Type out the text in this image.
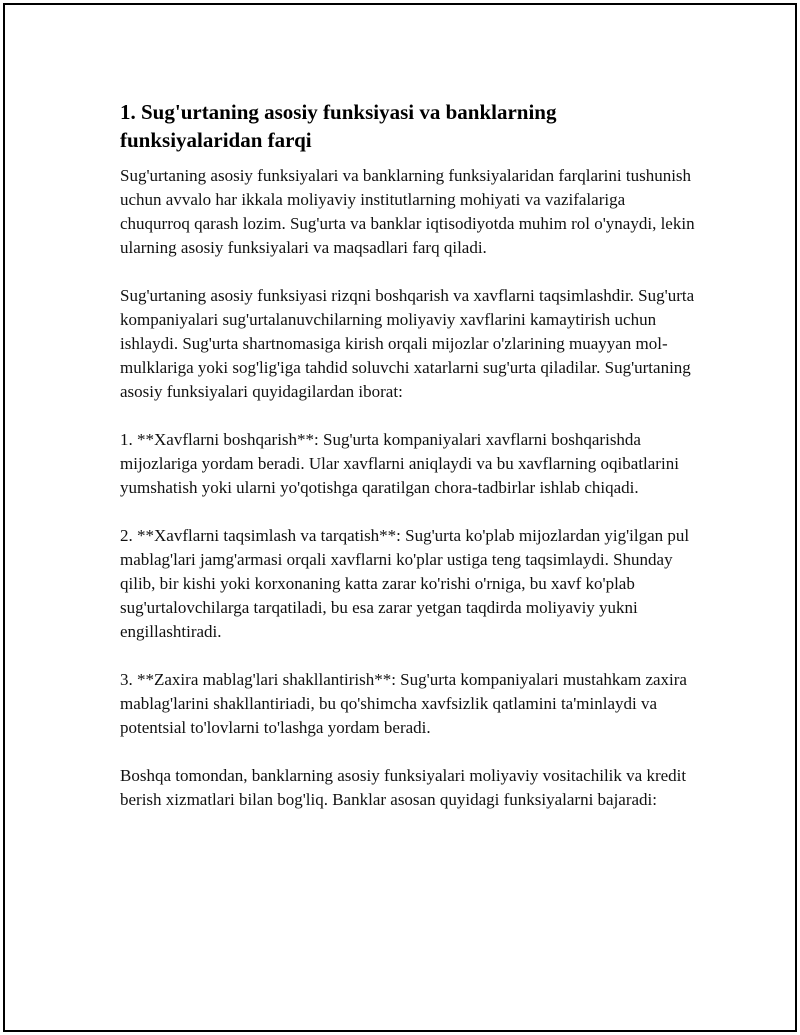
1. Sug'urtaning asosiy funksiyasi va banklarning funksiyalaridan farqi

Sug'urtaning asosiy funksiyalari va banklarning funksiyalaridan farqlarini tushunish uchun avvalo har ikkala moliyaviy institutlarning mohiyati va vazifalariga chuqurroq qarash lozim. Sug'urta va banklar iqtisodiyotda muhim rol o'ynaydi, lekin ularning asosiy funksiyalari va maqsadlari farq qiladi.

Sug'urtaning asosiy funksiyasi rizqni boshqarish va xavflarni taqsimlashdir. Sug'urta kompaniyalari sug'urtalanuvchilarning moliyaviy xavflarini kamaytirish uchun ishlaydi. Sug'urta shartnomasiga kirish orqali mijozlar o'zlarining muayyan mol-mulklariga yoki sog'lig'iga tahdid soluvchi xatarlarni sug'urta qiladilar. Sug'urtaning asosiy funksiyalari quyidagilardan iborat:

1. **Xavflarni boshqarish**: Sug'urta kompaniyalari xavflarni boshqarishda mijozlariga yordam beradi. Ular xavflarni aniqlaydi va bu xavflarning oqibatlarini yumshatish yoki ularni yo'qotishga qaratilgan chora-tadbirlar ishlab chiqadi.

2. **Xavflarni taqsimlash va tarqatish**: Sug'urta ko'plab mijozlardan yig'ilgan pul mablag'lari jamg'armasi orqali xavflarni ko'plar ustiga teng taqsimlaydi. Shunday qilib, bir kishi yoki korxonaning katta zarar ko'rishi o'rniga, bu xavf ko'plab sug'urtalovchilarga tarqatiladi, bu esa zarar yetgan taqdirda moliyaviy yukni engillashtiradi.

3. **Zaxira mablag'lari shakllantirish**: Sug'urta kompaniyalari mustahkam zaxira mablag'larini shakllantiriadi, bu qo'shimcha xavfsizlik qatlamini ta'minlaydi va potentsial to'lovlarni to'lashga yordam beradi.

Boshqa tomondan, banklarning asosiy funksiyalari moliyaviy vositachilik va kredit berish xizmatlari bilan bog'liq. Banklar asosan quyidagi funksiyalarni bajaradi:
